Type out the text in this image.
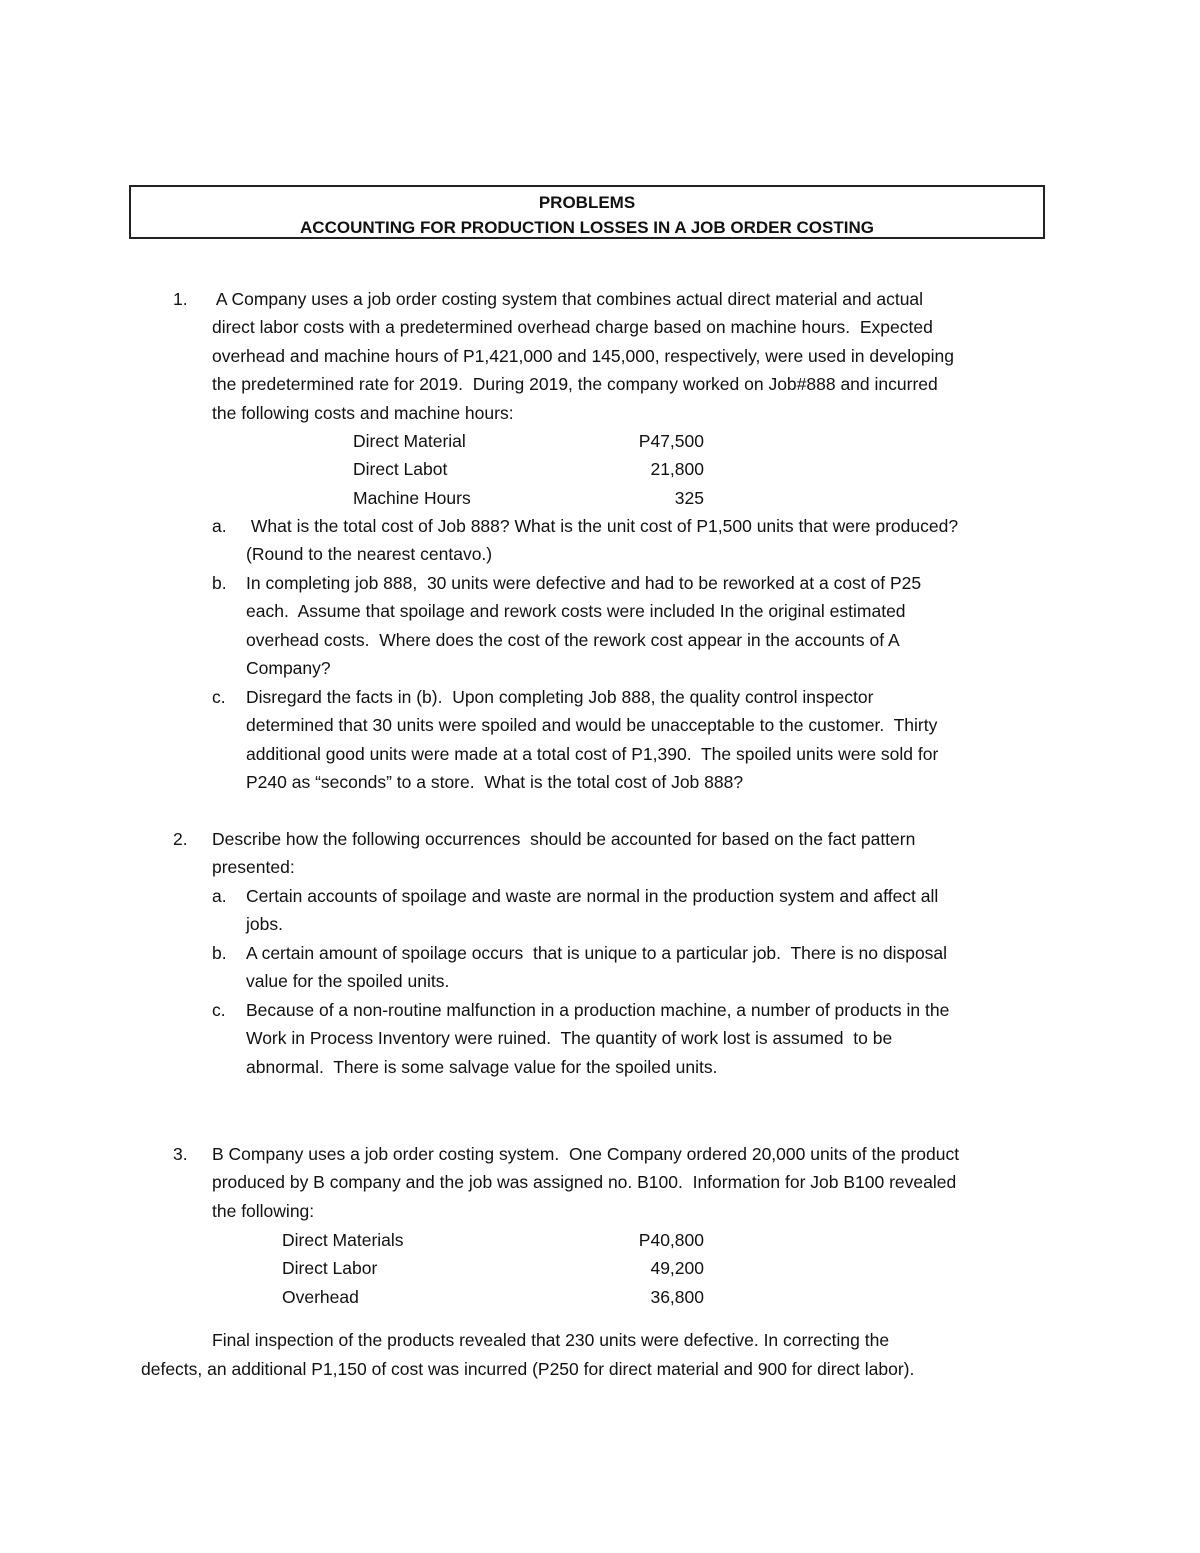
PROBLEMS
ACCOUNTING FOR PRODUCTION LOSSES IN A JOB ORDER COSTING
1. A Company uses a job order costing system that combines actual direct material and actual
direct labor costs with a predetermined overhead charge based on machine hours.  Expected
overhead and machine hours of P1,421,000 and 145,000, respectively, were used in developing
the predetermined rate for 2019.  During 2019, the company worked on Job#888 and incurred
the following costs and machine hours:
Direct Material	P47,500
Direct Labot	21,800
Machine Hours	325
a. What is the total cost of Job 888? What is the unit cost of P1,500 units that were produced?
(Round to the nearest centavo.)
b. In completing job 888,  30 units were defective and had to be reworked at a cost of P25
each.  Assume that spoilage and rework costs were included In the original estimated
overhead costs.  Where does the cost of the rework cost appear in the accounts of A
Company?
c. Disregard the facts in (b).  Upon completing Job 888, the quality control inspector
determined that 30 units were spoiled and would be unacceptable to the customer.  Thirty
additional good units were made at a total cost of P1,390.  The spoiled units were sold for
P240 as “seconds” to a store.  What is the total cost of Job 888?
2. Describe how the following occurrences  should be accounted for based on the fact pattern
presented:
a. Certain accounts of spoilage and waste are normal in the production system and affect all
jobs.
b. A certain amount of spoilage occurs  that is unique to a particular job.  There is no disposal
value for the spoiled units.
c. Because of a non-routine malfunction in a production machine, a number of products in the
Work in Process Inventory were ruined.  The quantity of work lost is assumed  to be
abnormal.  There is some salvage value for the spoiled units.
3. B Company uses a job order costing system.  One Company ordered 20,000 units of the product
produced by B company and the job was assigned no. B100.  Information for Job B100 revealed
the following:
Direct Materials	P40,800
Direct Labor	49,200
Overhead	36,800
Final inspection of the products revealed that 230 units were defective. In correcting the
defects, an additional P1,150 of cost was incurred (P250 for direct material and 900 for direct labor).
